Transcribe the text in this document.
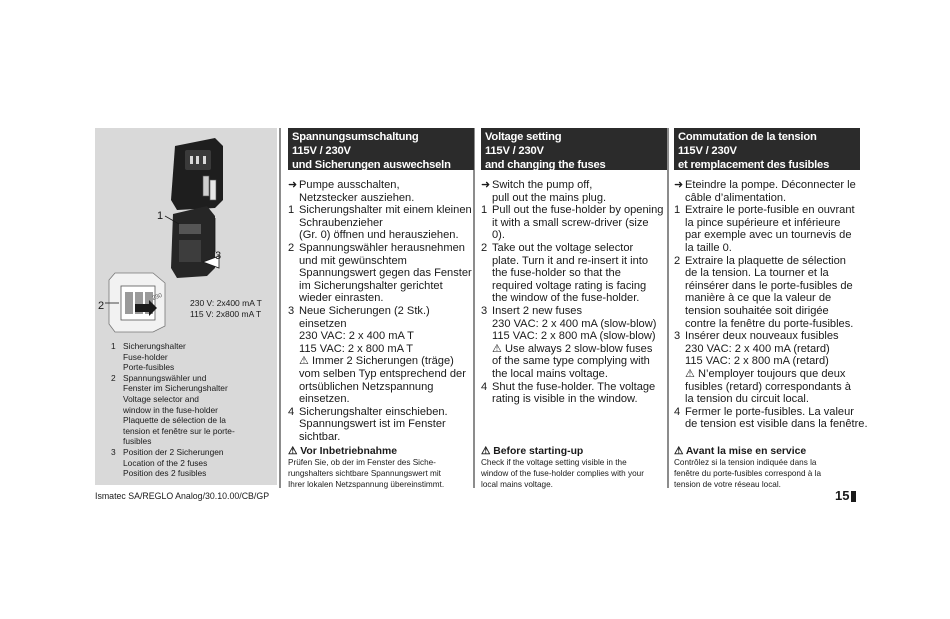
230
1
2
3
230 V: 2x400 mA T
115 V: 2x800 mA T
1 Sicherungshalter
Fuse-holder
Porte-fusibles
2 Spannungswähler und
Fenster im Sicherungshalter
Voltage selector and
window in the fuse-holder
Plaquette de sélection de la
tension et fenêtre sur le porte-
fusibles
3 Position der 2 Sicherungen
Location of the 2 fuses
Position des 2 fusibles
Spannungsumschaltung
115V / 230V
und Sicherungen auswechseln
➜ Pumpe ausschalten,
Netzstecker ausziehen.
1 Sicherungshalter mit einem kleinen
Schraubenzieher
(Gr. 0) öffnen und herausziehen.
2 Spannungswähler herausnehmen
und mit gewünschtem
Spannungswert gegen das Fenster
im Sicherungshalter gerichtet
wieder einrasten.
3 Neue Sicherungen (2 Stk.)
einsetzen
230 VAC: 2 x 400 mA T
115 VAC: 2 x 800 mA T
⚠ Immer 2 Sicherungen (träge)
vom selben Typ entsprechend der
ortsüblichen Netzspannung
einsetzen.
4 Sicherungshalter einschieben.
Spannungswert ist im Fenster
sichtbar.
Voltage setting
115V / 230V
and changing the fuses
➜ Switch the pump off,
pull out the mains plug.
1 Pull out the fuse-holder by opening
it with a small screw-driver (size
0).
2 Take out the voltage selector
plate. Turn it and re-insert it into
the fuse-holder so that the
required voltage rating is facing
the window of the fuse-holder.
3 Insert 2 new fuses
230 VAC: 2 x 400 mA (slow-blow)
115 VAC: 2 x 800 mA (slow-blow)
⚠ Use always 2 slow-blow fuses
of the same type complying with
the local mains voltage.
4 Shut the fuse-holder. The voltage
rating is visible in the window.
Commutation de la tension
115V / 230V
et remplacement des fusibles
➜ Eteindre la pompe. Déconnecter le
câble d’alimentation.
1 Extraire le porte-fusible en ouvrant
la pince supérieure et inférieure
par exemple avec un tournevis de
la taille 0.
2 Extraire la plaquette de sélection
de la tension. La tourner et la
réinsérer dans le porte-fusibles de
manière à ce que la valeur de
tension souhaitée soit dirigée
contre la fenêtre du porte-fusibles.
3 Insérer deux nouveaux fusibles
230 VAC: 2 x 400 mA (retard)
115 VAC: 2 x 800 mA (retard)
⚠ N’employer toujours que deux
fusibles (retard) correspondants à
la tension du circuit local.
4 Fermer le porte-fusibles. La valeur
de tension est visible dans la fenêtre.
⚠ Vor Inbetriebnahme	⚠ Before starting-up	⚠ Avant la mise en service
Prüfen Sie, ob der im Fenster des Siche-
rungshalters sichtbare Spannungswert mit
Ihrer lokalen Netzspannung übereinstimmt.
Check if the voltage setting visible in the
window of the fuse-holder complies with your
local mains voltage.
Contrôlez si la tension indiquée dans la
fenêtre du porte-fusibles correspond à la
tension de votre réseau local.
Ismatec SA/REGLO Analog/30.10.00/CB/GP	15
